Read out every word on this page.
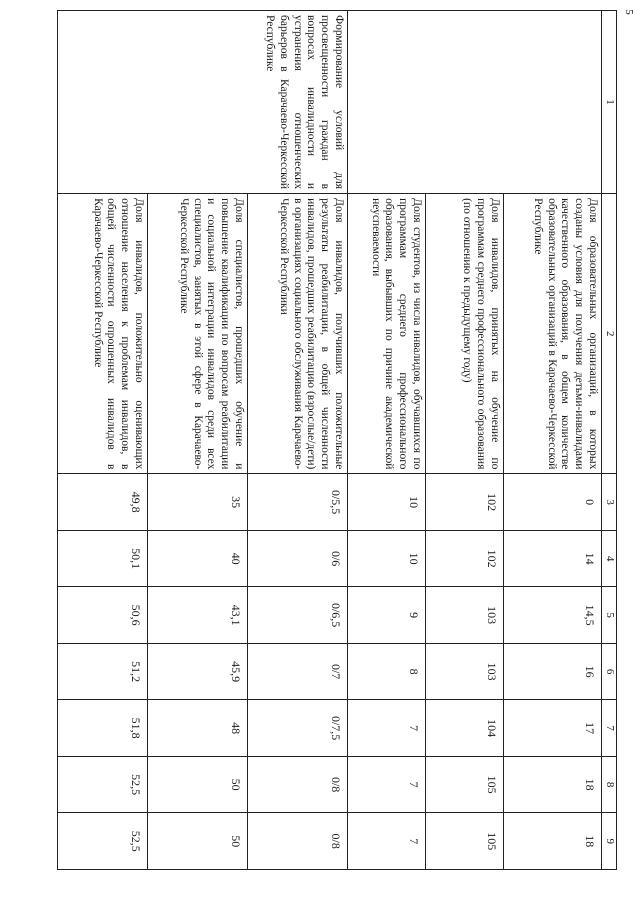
5
1	2	3	4	5	6	7	8	9
	Доля образовательных организаций, в которых созданы условия для получения детьми-инвалидами качественного образования, в общем количестве образовательных организаций в Карачаево-Черкесской Республике	0	14	14,5	16	17	18	18
	Доля инвалидов, принятых на обучение по программам среднего профессионального образования (по отношению к предыдущему году)	102	102	103	103	104	105	105
	Доля студентов, из числа инвалидов, обучавшихся по программам среднего профессионального образования, выбывших по причине академической неуспеваемости	10	10	9	8	7	7	7
Формирование условий для просвещенности граждан в вопросах инвалидности и устранения отношенческих барьеров в Карачаево-Черкесской Республике	Доля инвалидов, получивших положительные результаты реабилитации, в общей численности инвалидов, прошедших реабилитацию (взрослые/дети) в организациях социального обслуживания Карачаево-Черкесской Республики	0/5,5	0/6	0/6,5	0/7	0/7,5	0/8	0/8
	Доля специалистов, прошедших обучение и повышение квалификации по вопросам реабилитации и социальной интеграции инвалидов среди всех специалистов, занятых в этой сфере в Карачаево-Черкесской Республике	35	40	43,1	45,9	48	50	50
	Доля инвалидов, положительно оценивающих отношение населения к проблемам инвалидов, в общей численности опрошенных инвалидов в Карачаево-Черкесской Республике	49,8	50,1	50,6	51,2	51,8	52,5	52,5
